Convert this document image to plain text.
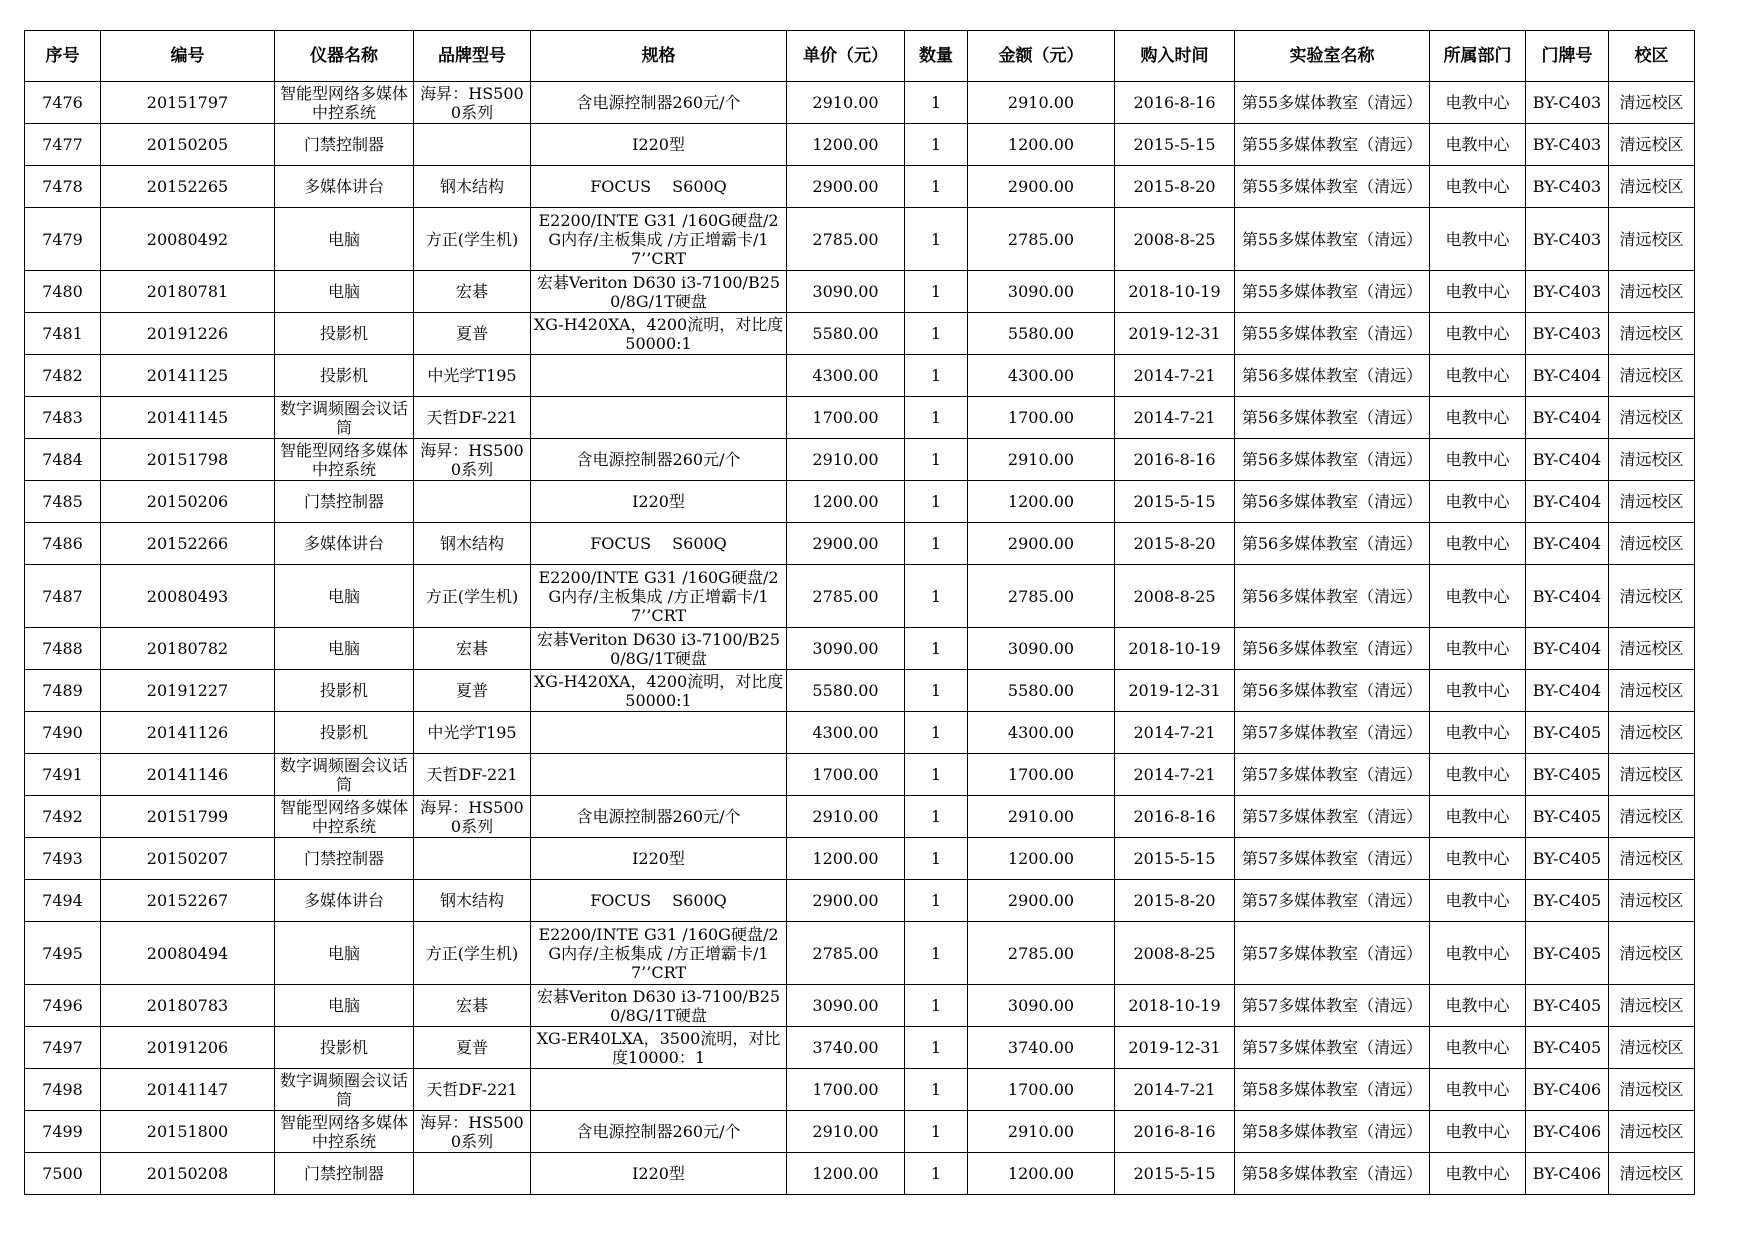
序号	编号	仪器名称	品牌型号	规格	单价（元）	数量	金额（元）	购入时间	实验室名称	所属部门	门牌号	校区

7476	20151797	智能型网络多媒体中控系统	海昇：HS5000系列	含电源控制器260元/个	2910.00	1	2910.00	2016-8-16	第55多媒体教室（清远）	电教中心	BY-C403	清远校区

7477	20150205	门禁控制器		I220型	1200.00	1	1200.00	2015-5-15	第55多媒体教室（清远）	电教中心	BY-C403	清远校区

7478	20152265	多媒体讲台	钢木结构	FOCUS　 S600Q	2900.00	1	2900.00	2015-8-20	第55多媒体教室（清远）	电教中心	BY-C403	清远校区

7479	20080492	电脑	方正(学生机)	E2200/INTE G31 /160G硬盘/2G内存/主板集成 /方正增霸卡/17’’CRT	2785.00	1	2785.00	2008-8-25	第55多媒体教室（清远）	电教中心	BY-C403	清远校区

7480	20180781	电脑	宏碁	宏碁Veriton D630 i3-7100/B250/8G/1T硬盘	3090.00	1	3090.00	2018-10-19	第55多媒体教室（清远）	电教中心	BY-C403	清远校区

7481	20191226	投影机	夏普	XG-H420XA，4200流明，对比度50000:1	5580.00	1	5580.00	2019-12-31	第55多媒体教室（清远）	电教中心	BY-C403	清远校区

7482	20141125	投影机	中光学T195		4300.00	1	4300.00	2014-7-21	第56多媒体教室（清远）	电教中心	BY-C404	清远校区

7483	20141145	数字调频圈会议话筒	天哲DF-221		1700.00	1	1700.00	2014-7-21	第56多媒体教室（清远）	电教中心	BY-C404	清远校区

7484	20151798	智能型网络多媒体中控系统	海昇：HS5000系列	含电源控制器260元/个	2910.00	1	2910.00	2016-8-16	第56多媒体教室（清远）	电教中心	BY-C404	清远校区

7485	20150206	门禁控制器		I220型	1200.00	1	1200.00	2015-5-15	第56多媒体教室（清远）	电教中心	BY-C404	清远校区

7486	20152266	多媒体讲台	钢木结构	FOCUS　 S600Q	2900.00	1	2900.00	2015-8-20	第56多媒体教室（清远）	电教中心	BY-C404	清远校区

7487	20080493	电脑	方正(学生机)	E2200/INTE G31 /160G硬盘/2G内存/主板集成 /方正增霸卡/17’’CRT	2785.00	1	2785.00	2008-8-25	第56多媒体教室（清远）	电教中心	BY-C404	清远校区

7488	20180782	电脑	宏碁	宏碁Veriton D630 i3-7100/B250/8G/1T硬盘	3090.00	1	3090.00	2018-10-19	第56多媒体教室（清远）	电教中心	BY-C404	清远校区

7489	20191227	投影机	夏普	XG-H420XA，4200流明，对比度50000:1	5580.00	1	5580.00	2019-12-31	第56多媒体教室（清远）	电教中心	BY-C404	清远校区

7490	20141126	投影机	中光学T195		4300.00	1	4300.00	2014-7-21	第57多媒体教室（清远）	电教中心	BY-C405	清远校区

7491	20141146	数字调频圈会议话筒	天哲DF-221		1700.00	1	1700.00	2014-7-21	第57多媒体教室（清远）	电教中心	BY-C405	清远校区

7492	20151799	智能型网络多媒体中控系统	海昇：HS5000系列	含电源控制器260元/个	2910.00	1	2910.00	2016-8-16	第57多媒体教室（清远）	电教中心	BY-C405	清远校区

7493	20150207	门禁控制器		I220型	1200.00	1	1200.00	2015-5-15	第57多媒体教室（清远）	电教中心	BY-C405	清远校区

7494	20152267	多媒体讲台	钢木结构	FOCUS　 S600Q	2900.00	1	2900.00	2015-8-20	第57多媒体教室（清远）	电教中心	BY-C405	清远校区

7495	20080494	电脑	方正(学生机)	E2200/INTE G31 /160G硬盘/2G内存/主板集成 /方正增霸卡/17’’CRT	2785.00	1	2785.00	2008-8-25	第57多媒体教室（清远）	电教中心	BY-C405	清远校区

7496	20180783	电脑	宏碁	宏碁Veriton D630 i3-7100/B250/8G/1T硬盘	3090.00	1	3090.00	2018-10-19	第57多媒体教室（清远）	电教中心	BY-C405	清远校区

7497	20191206	投影机	夏普	XG-ER40LXA，3500流明，对比度10000：1	3740.00	1	3740.00	2019-12-31	第57多媒体教室（清远）	电教中心	BY-C405	清远校区

7498	20141147	数字调频圈会议话筒	天哲DF-221		1700.00	1	1700.00	2014-7-21	第58多媒体教室（清远）	电教中心	BY-C406	清远校区

7499	20151800	智能型网络多媒体中控系统	海昇：HS5000系列	含电源控制器260元/个	2910.00	1	2910.00	2016-8-16	第58多媒体教室（清远）	电教中心	BY-C406	清远校区

7500	20150208	门禁控制器		I220型	1200.00	1	1200.00	2015-5-15	第58多媒体教室（清远）	电教中心	BY-C406	清远校区
